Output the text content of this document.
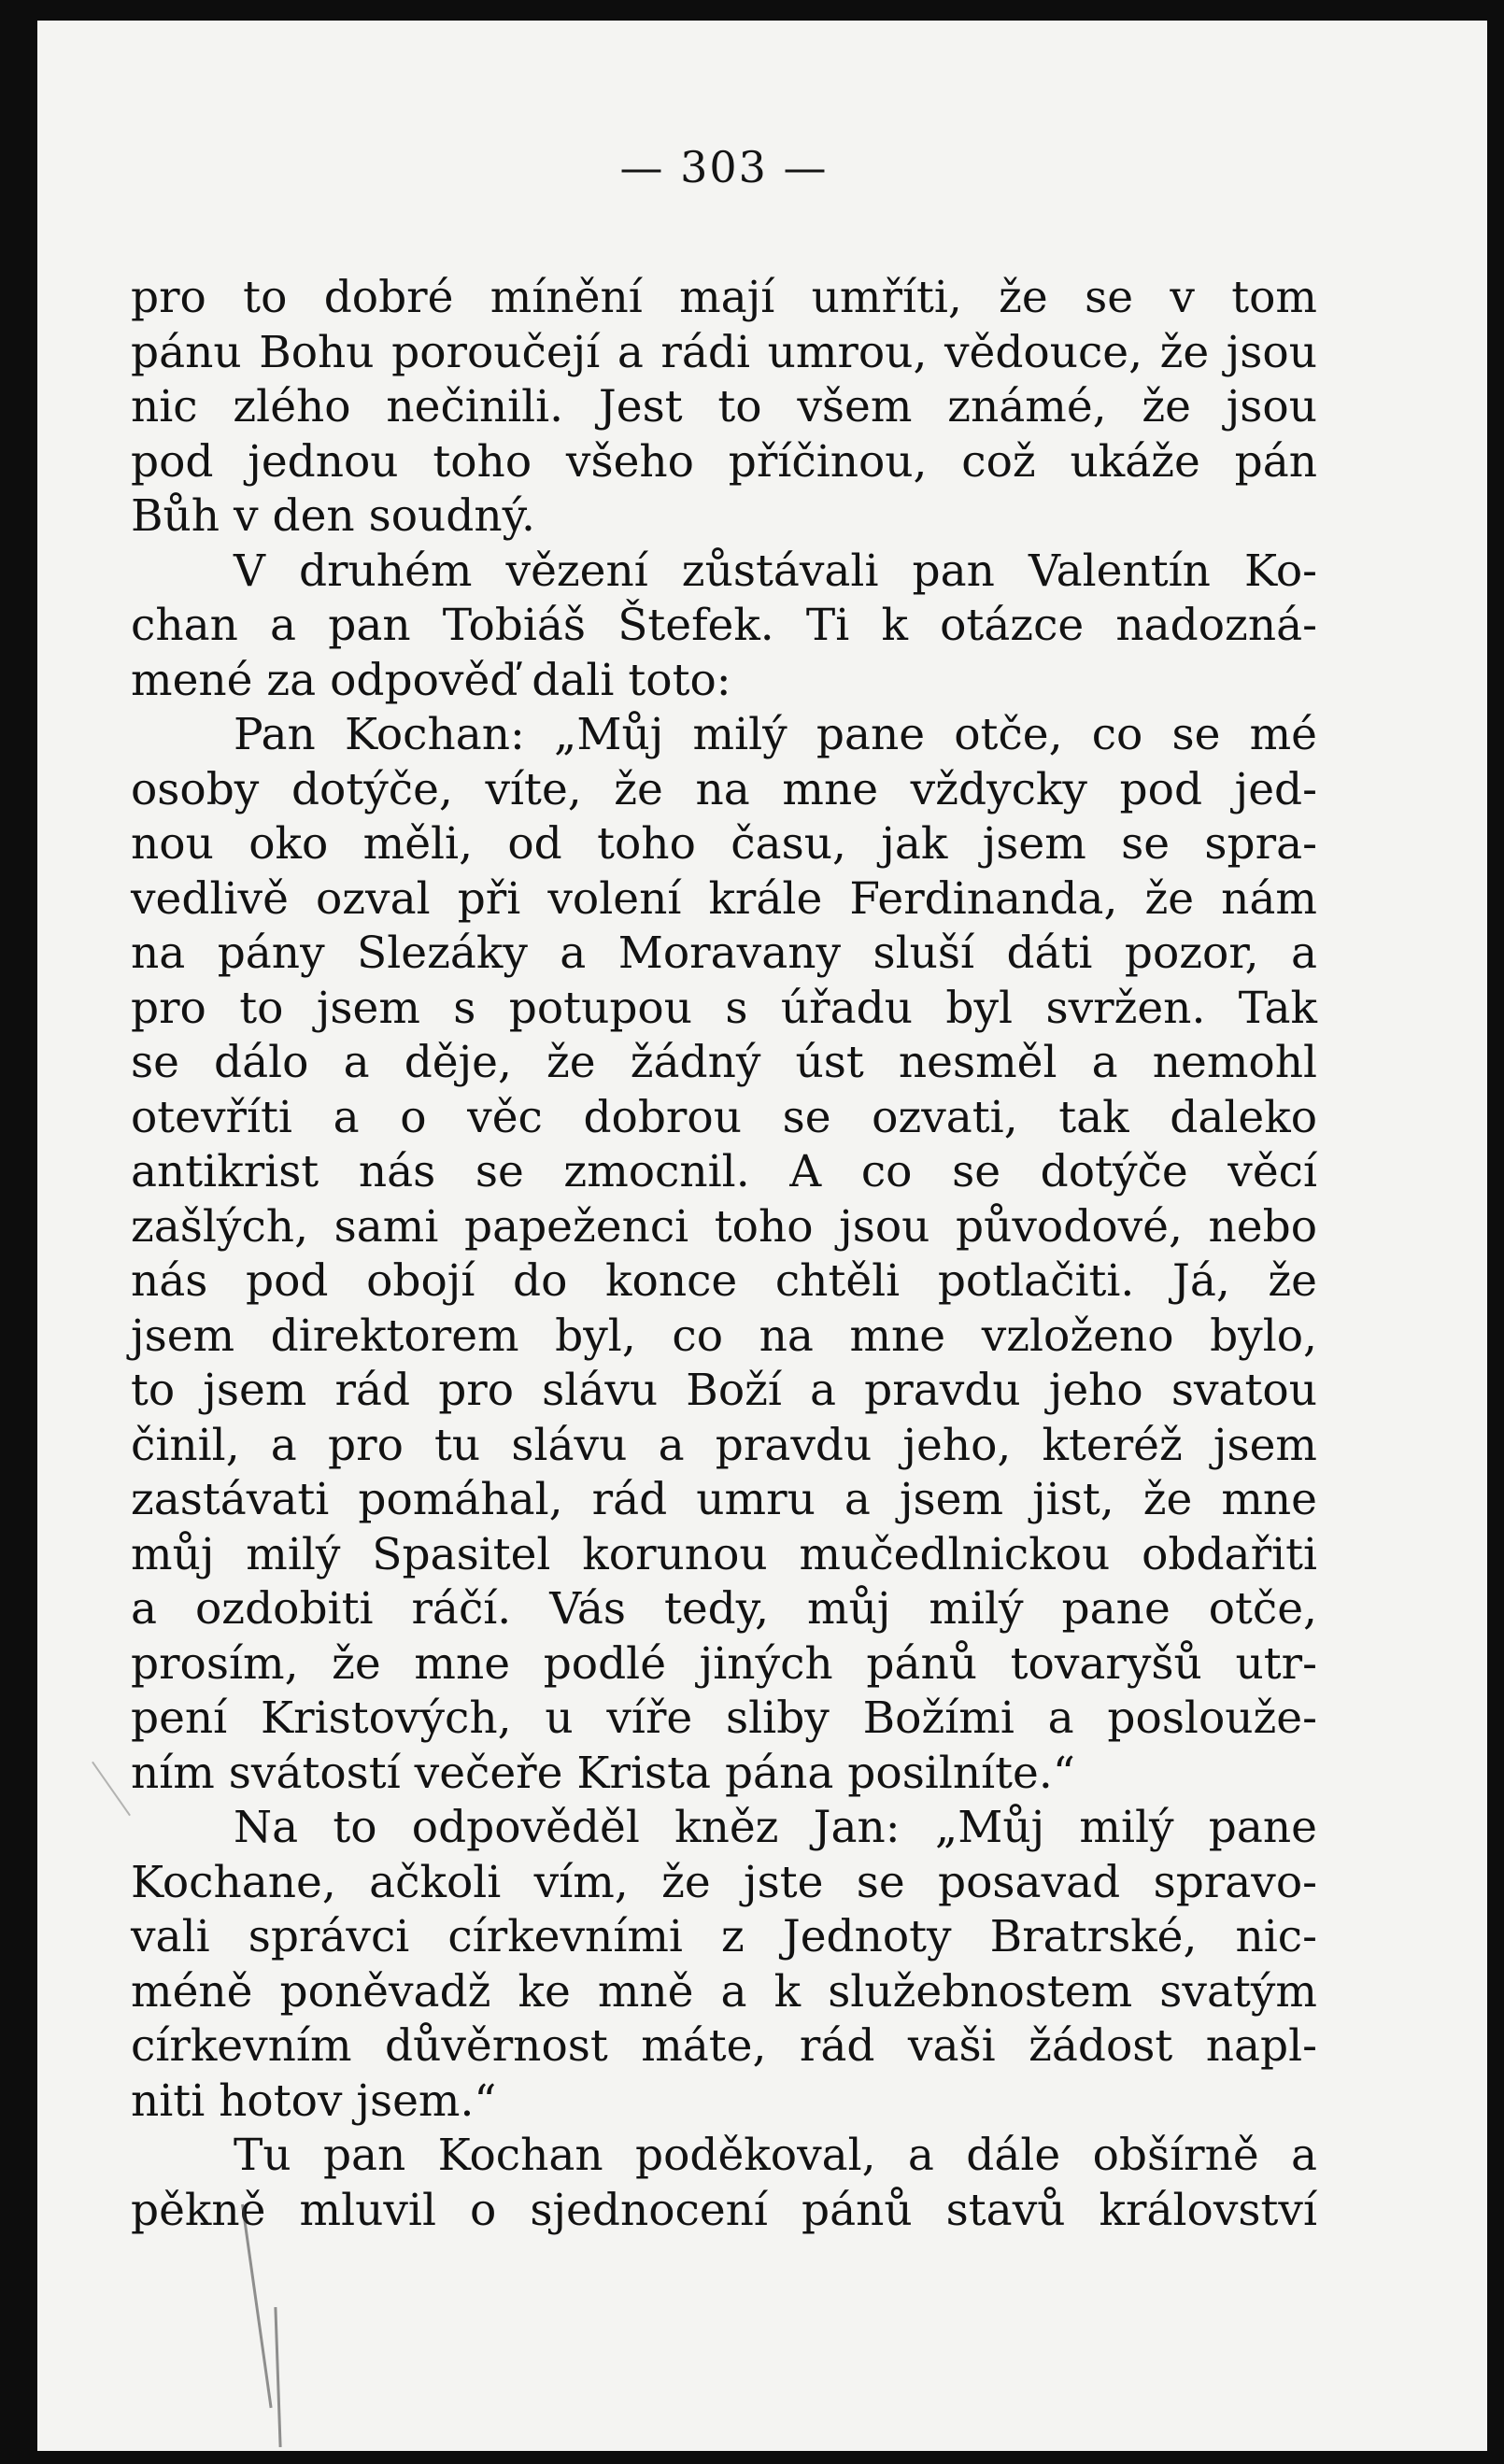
— 303 —
pro to dobré mínění mají umříti, že se v tom
pánu Bohu poroučejí a rádi umrou, vědouce, že jsou
nic zlého nečinili. Jest to všem známé, že jsou
pod jednou toho všeho příčinou, což ukáže pán
Bůh v den soudný.
V druhém vězení zůstávali pan Valentín Ko-
chan a pan Tobiáš Štefek. Ti k otázce nadozná-
mené za odpověď dali toto:
Pan Kochan: „Můj milý pane otče, co se mé
osoby dotýče, víte, že na mne vždycky pod jed-
nou oko měli, od toho času, jak jsem se spra-
vedlivě ozval při volení krále Ferdinanda, že nám
na pány Slezáky a Moravany sluší dáti pozor, a
pro to jsem s potupou s úřadu byl svržen. Tak
se dálo a děje, že žádný úst nesměl a nemohl
otevříti a o věc dobrou se ozvati, tak daleko
antikrist nás se zmocnil. A co se dotýče věcí
zašlých, sami papeženci toho jsou původové, nebo
nás pod obojí do konce chtěli potlačiti. Já, že
jsem direktorem byl, co na mne vzloženo bylo,
to jsem rád pro slávu Boží a pravdu jeho svatou
činil, a pro tu slávu a pravdu jeho, kteréž jsem
zastávati pomáhal, rád umru a jsem jist, že mne
můj milý Spasitel korunou mučedlnickou obdařiti
a ozdobiti ráčí. Vás tedy, můj milý pane otče,
prosím, že mne podlé jiných pánů tovaryšů utr-
pení Kristových, u víře sliby Božími a poslouže-
ním svátostí večeře Krista pána posilníte.“
Na to odpověděl kněz Jan: „Můj milý pane
Kochane, ačkoli vím, že jste se posavad spravo-
vali správci církevními z Jednoty Bratrské, nic-
méně poněvadž ke mně a k služebnostem svatým
církevním důvěrnost máte, rád vaši žádost napl-
niti hotov jsem.“
Tu pan Kochan poděkoval, a dále obšírně a
pěkně mluvil o sjednocení pánů stavů království
